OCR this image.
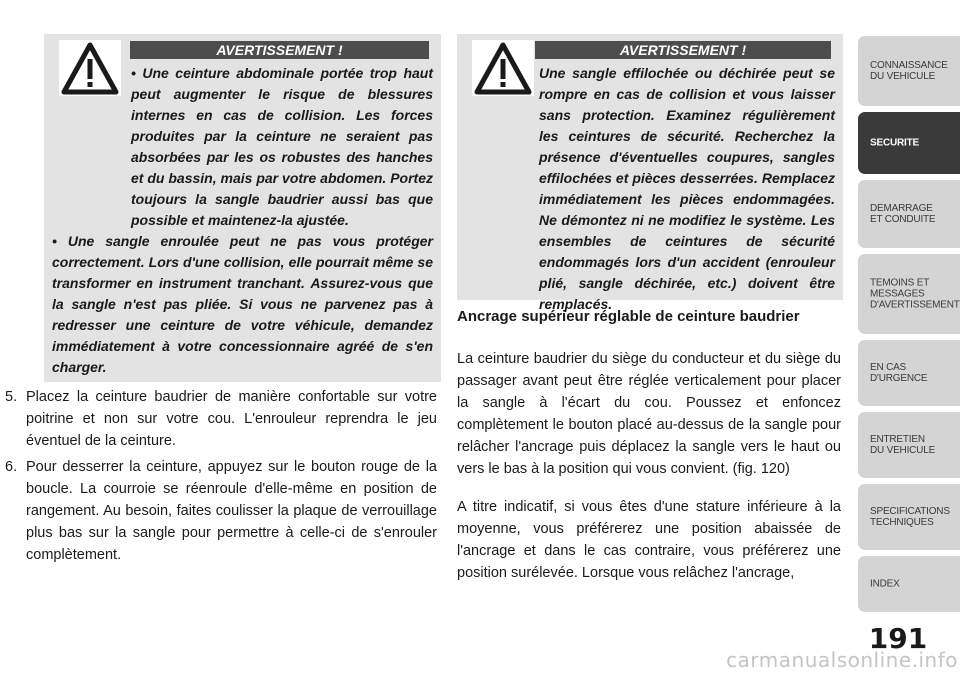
AVERTISSEMENT !

• Une ceinture abdominale portée trop haut peut augmenter le risque de blessures internes en cas de collision. Les forces produites par la ceinture ne seraient pas absorbées par les os robustes des hanches et du bassin, mais par votre abdomen. Portez toujours la sangle baudrier aussi bas que possible et maintenez-la ajustée.

• Une sangle enroulée peut ne pas vous protéger correctement. Lors d'une collision, elle pourrait même se transformer en instrument tranchant. Assurez-vous que la sangle n'est pas pliée. Si vous ne parvenez pas à redresser une ceinture de votre véhicule, demandez immédiatement à votre concessionnaire agréé de s'en charger.

5. Placez la ceinture baudrier de manière confortable sur votre poitrine et non sur votre cou. L'enrouleur reprendra le jeu éventuel de la ceinture.

6. Pour desserrer la ceinture, appuyez sur le bouton rouge de la boucle. La courroie se réenroule d'elle-même en position de rangement. Au besoin, faites coulisser la plaque de verrouillage plus bas sur la sangle pour permettre à celle-ci de s'enrouler complètement.

AVERTISSEMENT !

Une sangle effilochée ou déchirée peut se rompre en cas de collision et vous laisser sans protection. Examinez régulièrement les ceintures de sécurité. Recherchez la présence d'éventuelles coupures, sangles effilochées et pièces desserrées. Remplacez immédiatement les pièces endommagées. Ne démontez ni ne modifiez le système. Les ensembles de ceintures de sécurité endommagés lors d'un accident (enrouleur plié, sangle déchirée, etc.) doivent être remplacés.

Ancrage supérieur réglable de ceinture baudrier
La ceinture baudrier du siège du conducteur et du siège du passager avant peut être réglée verticalement pour placer la sangle à l'écart du cou. Poussez et enfoncez complètement le bouton placé au-dessus de la sangle pour relâcher l'ancrage puis déplacez la sangle vers le haut ou vers le bas à la position qui vous convient. (fig. 120)
A titre indicatif, si vous êtes d'une stature inférieure à la moyenne, vous préférerez une position abaissée de l'ancrage et dans le cas contraire, vous préférerez une position surélevée. Lorsque vous relâchez l'ancrage,
CONNAISSANCE
DU VEHICULE
SECURITE
DEMARRAGE
ET CONDUITE
TEMOINS ET
MESSAGES
D'AVERTISSEMENT
EN CAS
D'URGENCE
ENTRETIEN
DU VEHICULE
SPECIFICATIONS
TECHNIQUES
INDEX
191
carmanualsonline.info
